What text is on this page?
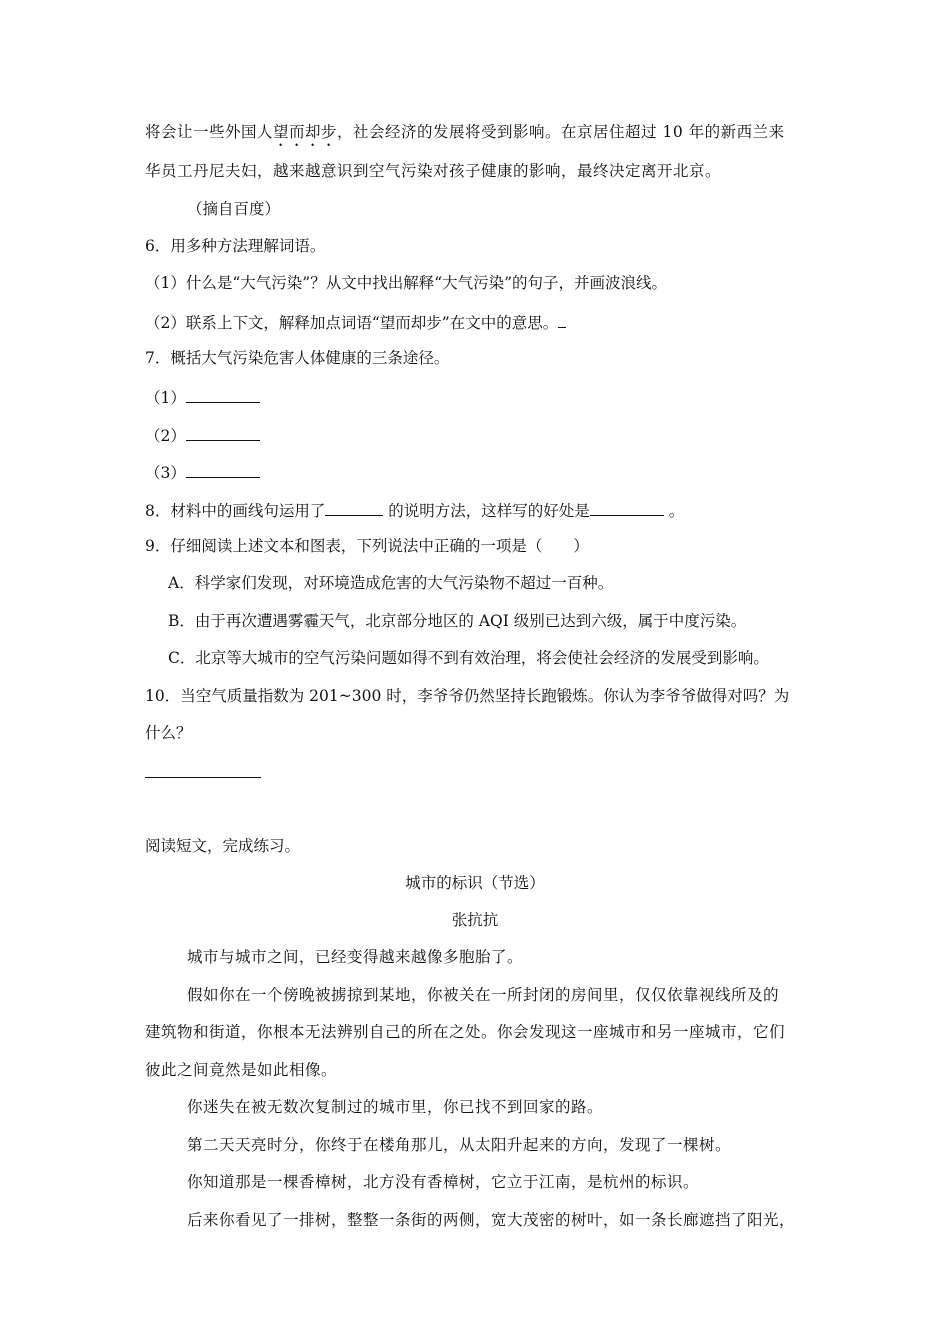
将会让一些外国人望而却步，社会经济的发展将受到影响。在京居住超过 10 年的新西兰来
华员工丹尼夫妇，越来越意识到空气污染对孩子健康的影响，最终决定离开北京。
（摘自百度）
6．用多种方法理解词语。
（1）什么是“大气污染”？从文中找出解释“大气污染”的句子，并画波浪线。
（2）联系上下文，解释加点词语“望而却步”在文中的意思。
7．概括大气污染危害人体健康的三条途径。
（1）
（2）
（3）
8．材料中的画线句运用了	的说明方法，这样写的好处是	。
9．仔细阅读上述文本和图表，下列说法中正确的一项是（　　）
A．科学家们发现，对环境造成危害的大气污染物不超过一百种。
B．由于再次遭遇雾霾天气，北京部分地区的 AQI 级别已达到六级，属于中度污染。
C．北京等大城市的空气污染问题如得不到有效治理，将会使社会经济的发展受到影响。
10．当空气质量指数为 201~300 时，李爷爷仍然坚持长跑锻炼。你认为李爷爷做得对吗？为
什么？
阅读短文，完成练习。
城市的标识（节选）
张抗抗
城市与城市之间，已经变得越来越像多胞胎了。
假如你在一个傍晚被掳掠到某地，你被关在一所封闭的房间里，仅仅依靠视线所及的
建筑物和街道，你根本无法辨别自己的所在之处。你会发现这一座城市和另一座城市，它们
彼此之间竟然是如此相像。
你迷失在被无数次复制过的城市里，你已找不到回家的路。
第二天天亮时分，你终于在楼角那儿，从太阳升起来的方向，发现了一棵树。
你知道那是一棵香樟树，北方没有香樟树，它立于江南，是杭州的标识。
后来你看见了一排树，整整一条街的两侧，宽大茂密的树叶，如一条长廊遮挡了阳光，
